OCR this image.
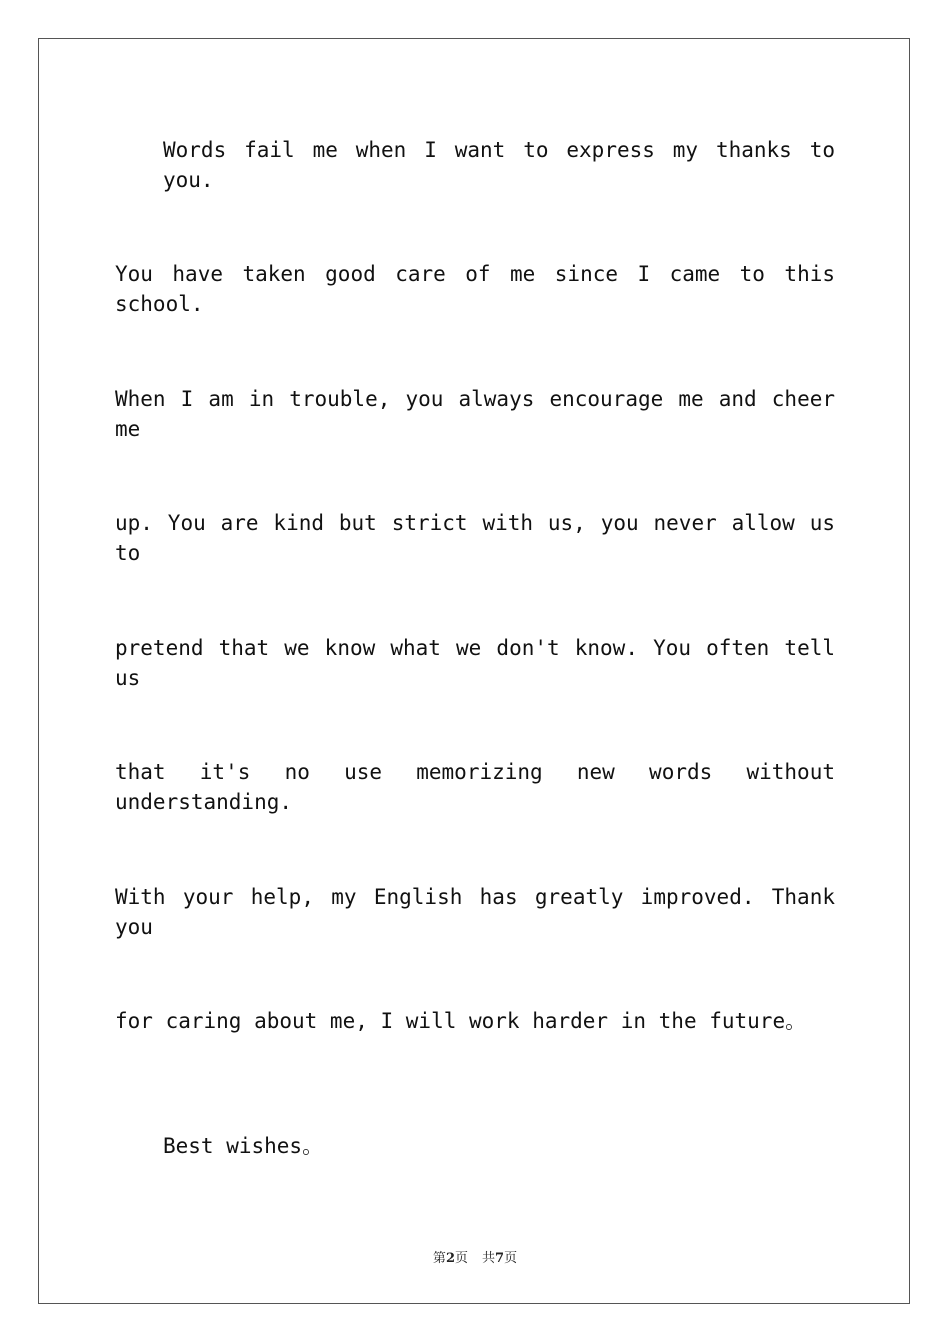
Words fail me when I want to express my thanks to you.
You have taken good care of me since I came to this school.
When I am in trouble, you always encourage me and cheer me
up. You are kind but strict with us, you never allow us to
pretend that we know what we don't know. You often tell us
that it's no use memorizing new words without understanding.
With your help, my English has greatly improved. Thank you
for caring about me, I will work harder in the future。
Best wishes。
第2页 共7页
